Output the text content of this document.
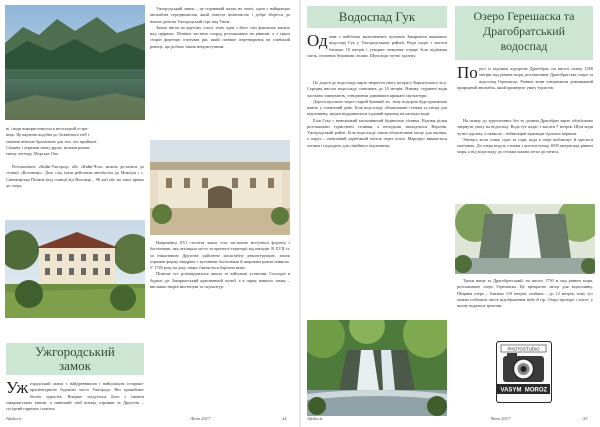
ні і води використовується нескладній остра-
вець. Це картина подібна до бісквітного неб з
темною вечною бронзовою для тих, хто прийшов
Смішну і отриман свою дружу, вельми роман-
тичну легенду. Морське Око.

Розташовано «Кийв-Ужгород» або «Кийв-Чоп» можна дістатися до станції «Воловець». Далі слід їхати рейсовим автобусом до Міжгір'я і с. Синевирська Поляна (від станції від Воловця – 90 км) або на таксі прямо до озера.

Ужгородський замок – це справжній палац на землі, один з найкращих ансамблів середньовіччя, який повстає величністю і добре зберігся до наших днів на Ужгородській горі над Ужем.

Замок звели на крутому схилі, тому одна з його стін фактично висить над прірвою. Пізніше частина споруд розташована на рівнині, а з трьох сторін фортецю оточував рів, який пізніше перетворився на глибокий ровець, що робило замок неприступним.

Ужгородський
замок
Уж городський замок є найдревнішою і найціліщою історико-архітектурною будовою міста Ужгорода. Він приваблює безліч туристів. Вперше згадується його з іменем закарпатських князів, а нинішній свій вигляд отримав за Друготів – сусідний гарнізон і маєток.

Наприкінці XVI століття замок стає частиною могутньої фортеці з бастіонами, яка захищала місто та прилеглі території від нападів. В XVII ст. за ініціативою Друготів здійснено масштабну реконструкцію, замок отримав форму квадрата з кутовими бастіонами й широким ровом навколо. У 1728 році на даху замку з'являється барочна вежа.

Пізніше тут розміщувалися школа та військові установи. Сьогодні в будівлі діє Закарпатський краєзнавчий музей, а в парку навколо замку – виставка творів мистецтва та скульптур.

Afisha.ir	Літо 2017	24
Водоспад Гук
Од ним з найбільш мальовничих куточків Закарпаття вважають водоспад Гук у Ужгородському районі. Вода падає з висоти близько 10 метрів і утворює невелике озерце біля підніжжя скель, оточених буковими лісами. Шум води чутно здалеку.

По дорозі до водоспаду варто звернути увагу на красу Карпатського лісу. Середня висота водоспаду становить до 10 метрів. Взимку струмені води частково замерзають, утворюючи дивовижні крижані скульптури.

Дорога пролягає через старий буковий ліс, тому подорож буде приємною навіть у спекотний день. Біля водоспаду облаштовані стежки та місця для відпочинку, звідки відкривається чудовий краєвид на каскади води.

Біля Гуку є невеличкий мальовничий будиночок лісника. Вздовж річки розташовані туристичні стоянки, а неподалік знаходиться Ворочів, Ужгородський район. Біля водоспаду також облаштоване місце для пікніка, а поруч – невеликий дерев'яний місток через потік. Маршрут вважається легким і підходить для сімейного відпочинку.

Озеро Герешаска та
Драгобратський
водоспад
По руч із відомим курортом Драгобрат, на висоті понад 1500 метрів над рівнем моря, розташоване Драгобратське озеро та водоспад Герешаска. Раніше вони утворювали дивовижний природний ансамбль, який привертає увагу туристів.

На шляху до туристичних баз та долини Драгобрат варто обов'язково звернути увагу на водоспад. Вода тут падає з висоти 7 метрів. Шум води чутно здалеку, а навколо – неймовірні краєвиди гірських вершин.

Увечері, коли сонце сідає за гори, вода в озері виблискує й здається магічною. До озера ведуть стежки з висоти понад 1000 метрів над рівнем моря, а від водоспаду до стежки можна легко дістатися.

Трохи вище за Драгобратський, на висоті 1750 м над рівнем моря, розташоване озеро Герешаска. Це прекрасне місце для відпочинку. Ширина озера – близько 110 метрів, глибина – до 12 метрів, тому тут можна побачити чисте відображення неба й гір. Озеро прозоре і чисте, у ньому водяться тритони.

PHOTOSTUDIO
VASYM MOROZ
Afisha.ir	Літо 2017	25
